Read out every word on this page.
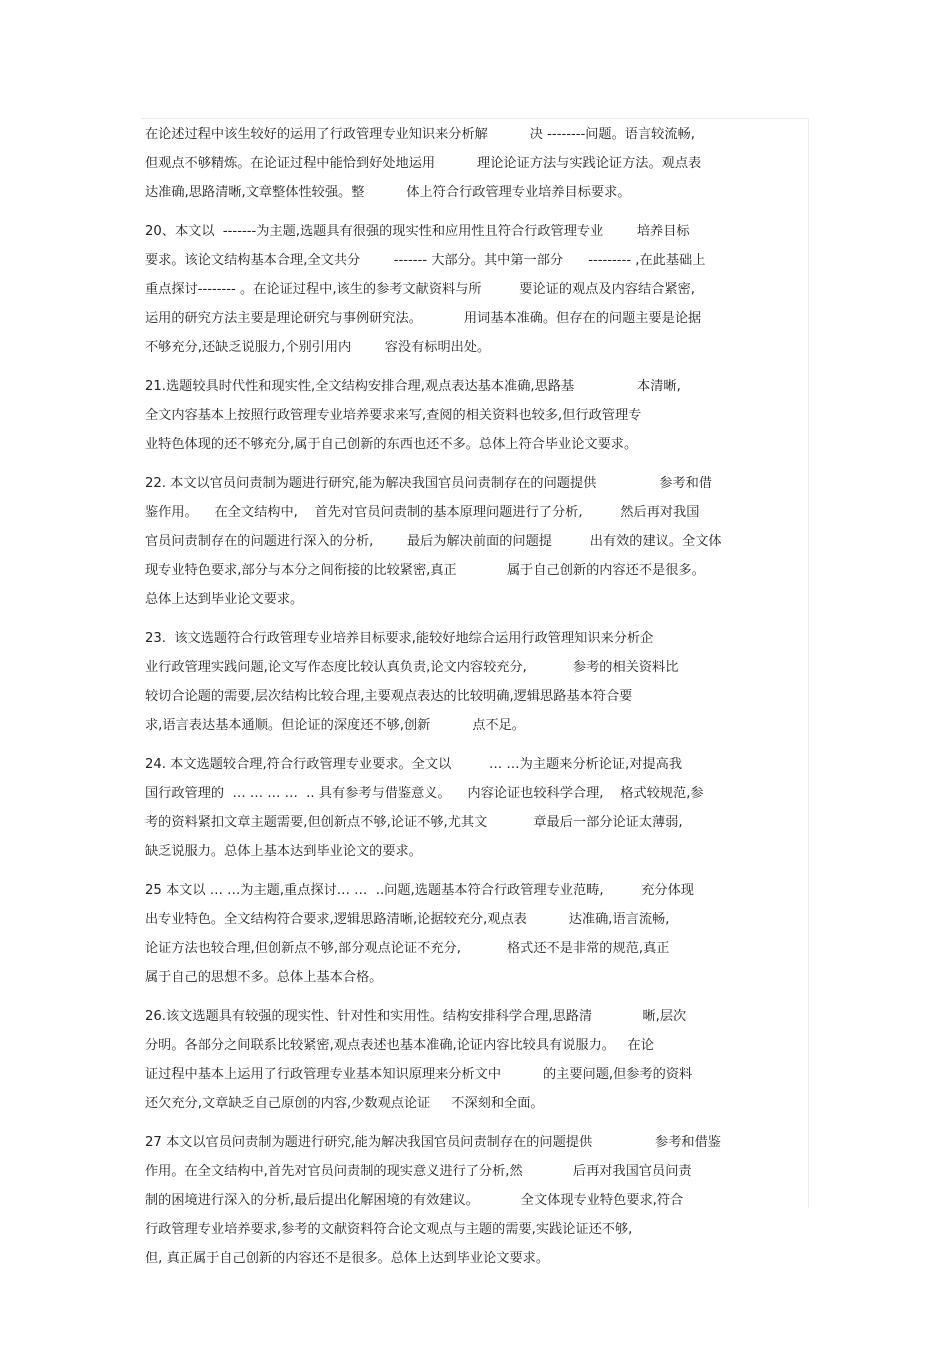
在论述过程中该生较好的运用了行政管理专业知识来分析解          决 --------问题。语言较流畅,
但观点不够精炼。在论证过程中能恰到好处地运用          理论论证方法与实践论证方法。观点表
达准确,思路清晰,文章整体性较强。整          体上符合行政管理专业培养目标要求。
20、本文以  -------为主题,选题具有很强的现实性和应用性且符合行政管理专业        培养目标
要求。该论文结构基本合理,全文共分        ------- 大部分。其中第一部分      --------- ,在此基础上
重点探讨-------- 。在论证过程中,该生的参考文献资料与所         要论证的观点及内容结合紧密,
运用的研究方法主要是理论研究与事例研究法。          用词基本准确。但存在的问题主要是论据
不够充分,还缺乏说服力,个别引用内        容没有标明出处。
21.选题较具时代性和现实性,全文结构安排合理,观点表达基本准确,思路基               本清晰,
全文内容基本上按照行政管理专业培养要求来写,查阅的相关资料也较多,但行政管理专
业特色体现的还不够充分,属于自己创新的东西也还不多。总体上符合毕业论文要求。
22. 本文以官员问责制为题进行研究,能为解决我国官员问责制存在的问题提供               参考和借
鉴作用。    在全文结构中,    首先对官员问责制的基本原理问题进行了分析,         然后再对我国
官员问责制存在的问题进行深入的分析,        最后为解决前面的问题提         出有效的建议。全文体
现专业特色要求,部分与本分之间衔接的比较紧密,真正            属于自己创新的内容还不是很多。
总体上达到毕业论文要求。
23.  该文选题符合行政管理专业培养目标要求,能较好地综合运用行政管理知识来分析企
业行政管理实践问题,论文写作态度比较认真负责,论文内容较充分,           参考的相关资料比
较切合论题的需要,层次结构比较合理,主要观点表达的比较明确,逻辑思路基本符合要
求,语言表达基本通顺。但论证的深度还不够,创新          点不足。
24. 本文选题较合理,符合行政管理专业要求。全文以         … …为主题来分析论证,对提高我
国行政管理的  … … … …  .. 具有参考与借鉴意义。    内容论证也较科学合理,    格式较规范,参
考的资料紧扣文章主题需要,但创新点不够,论证不够,尤其文           章最后一部分论证太薄弱,
缺乏说服力。总体上基本达到毕业论文的要求。
25 本文以 … …为主题,重点探讨… …  ..问题,选题基本符合行政管理专业范畴,         充分体现
出专业特色。全文结构符合要求,逻辑思路清晰,论据较充分,观点表          达准确,语言流畅,
论证方法也较合理,但创新点不够,部分观点论证不充分,           格式还不是非常的规范,真正
属于自己的思想不多。总体上基本合格。
26.该文选题具有较强的现实性、针对性和实用性。结构安排科学合理,思路清            晰,层次
分明。各部分之间联系比较紧密,观点表述也基本准确,论证内容比较具有说服力。   在论
证过程中基本上运用了行政管理专业基本知识原理来分析文中          的主要问题,但参考的资料
还欠充分,文章缺乏自己原创的内容,少数观点论证     不深刻和全面。
27 本文以官员问责制为题进行研究,能为解决我国官员问责制存在的问题提供               参考和借鉴
作用。在全文结构中,首先对官员问责制的现实意义进行了分析,然            后再对我国官员问责
制的困境进行深入的分析,最后提出化解困境的有效建议。          全文体现专业特色要求,符合
行政管理专业培养要求,参考的文献资料符合论文观点与主题的需要,实践论证还不够,
但, 真正属于自己创新的内容还不是很多。总体上达到毕业论文要求。
